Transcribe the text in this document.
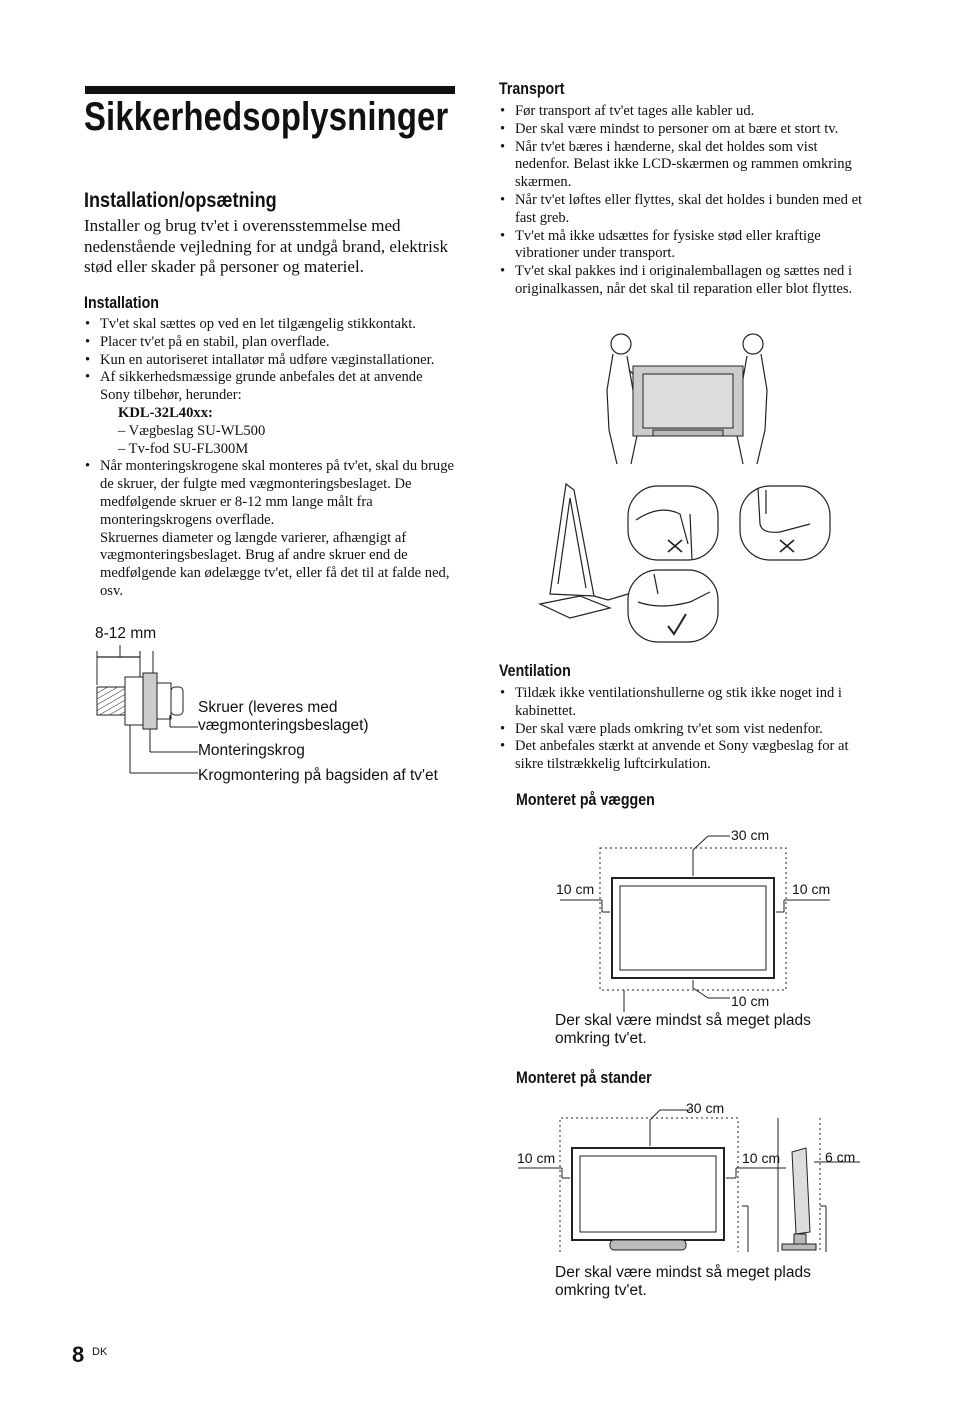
Sikkerhedsoplysninger
Installation/opsætning
Installer og brug tv'et i overensstemmelse med nedenstående vejledning for at undgå brand, elektrisk stød eller skader på personer og materiel.
Installation
• Tv'et skal sættes op ved en let tilgængelig stikkontakt.
• Placer tv'et på en stabil, plan overflade.
• Kun en autoriseret intallatør må udføre væginstallationer.
• Af sikkerhedsmæssige grunde anbefales det at anvende Sony tilbehør, herunder:
KDL-32L40xx:
– Vægbeslag SU-WL500
– Tv-fod SU-FL300M
• Når monteringskrogene skal monteres på tv'et, skal du bruge de skruer, der fulgte med vægmonteringsbeslaget. De medfølgende skruer er 8-12 mm lange målt fra monteringskrogens overflade.
Skruernes diameter og længde varierer, afhængigt af vægmonteringsbeslaget. Brug af andre skruer end de medfølgende kan ødelægge tv'et, eller få det til at falde ned, osv.
8-12 mm
Skruer (leveres med vægmonteringsbeslaget)
Monteringskrog
Krogmontering på bagsiden af tv'et
Transport
• Før transport af tv'et tages alle kabler ud.
• Der skal være mindst to personer om at bære et stort tv.
• Når tv'et bæres i hænderne, skal det holdes som vist nedenfor. Belast ikke LCD-skærmen og rammen omkring skærmen.
• Når tv'et løftes eller flyttes, skal det holdes i bunden med et fast greb.
• Tv'et må ikke udsættes for fysiske stød eller kraftige vibrationer under transport.
• Tv'et skal pakkes ind i originalemballagen og sættes ned i originalkassen, når det skal til reparation eller blot flyttes.
Ventilation
• Tildæk ikke ventilationshullerne og stik ikke noget ind i kabinettet.
• Der skal være plads omkring tv'et som vist nedenfor.
• Det anbefales stærkt at anvende et Sony vægbeslag for at sikre tilstrækkelig luftcirkulation.
Monteret på væggen
30 cm
10 cm	10 cm
10 cm
Der skal være mindst så meget plads omkring tv'et.
Monteret på stander
30 cm
10 cm	10 cm	6 cm
Der skal være mindst så meget plads omkring tv'et.
8 DK
